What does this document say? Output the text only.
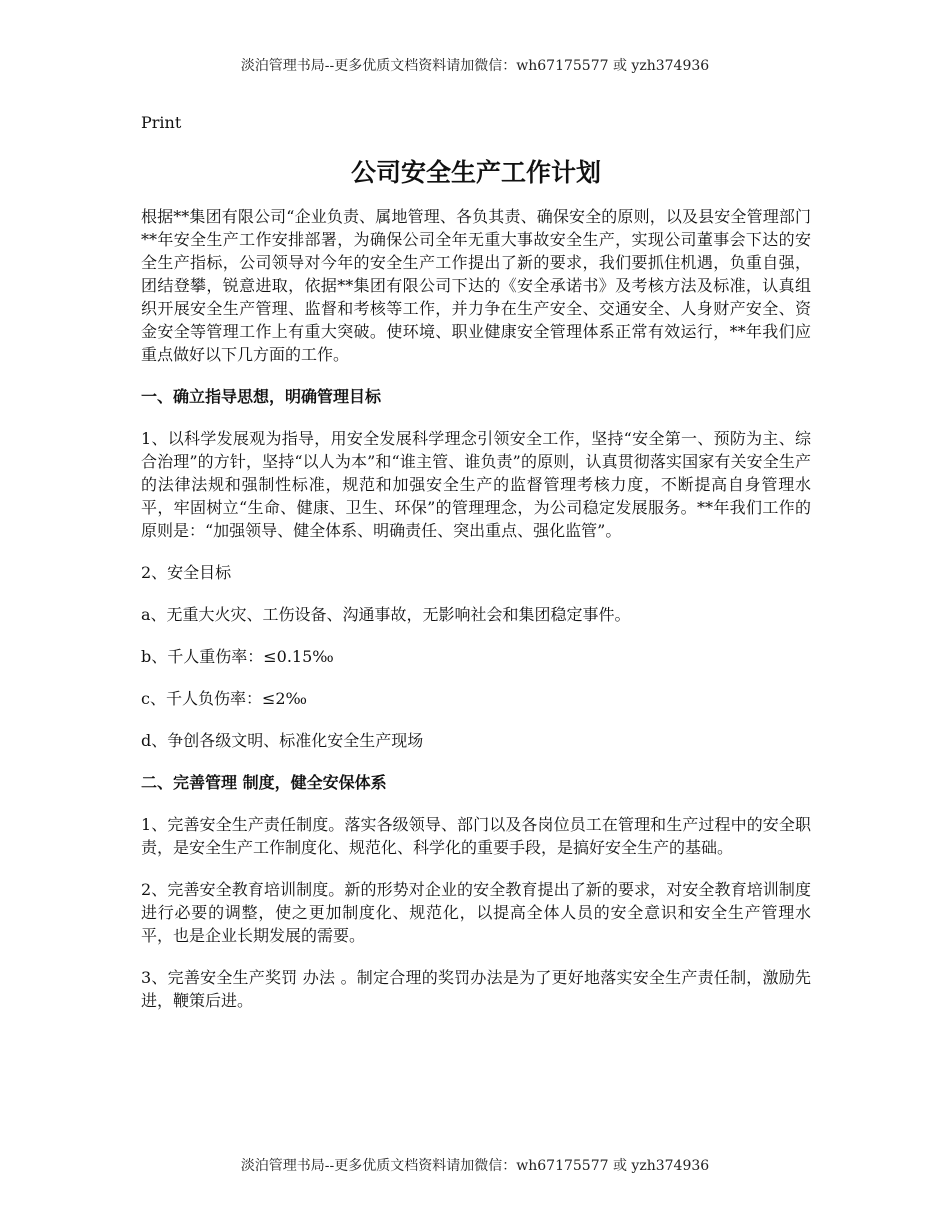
淡泊管理书局--更多优质文档资料请加微信：wh67175577 或 yzh374936
Print
公司安全生产工作计划
根据**集团有限公司“企业负责、属地管理、各负其责、确保安全的原则，以及县安全管理部门**年安全生产工作安排部署，为确保公司全年无重大事故安全生产，实现公司董事会下达的安全生产指标，公司领导对今年的安全生产工作提出了新的要求，我们要抓住机遇，负重自强，团结登攀，锐意进取，依据**集团有限公司下达的《安全承诺书》及考核方法及标准，认真组织开展安全生产管理、监督和考核等工作，并力争在生产安全、交通安全、人身财产安全、资金安全等管理工作上有重大突破。使环境、职业健康安全管理体系正常有效运行，**年我们应重点做好以下几方面的工作。
一、确立指导思想，明确管理目标
1、以科学发展观为指导，用安全发展科学理念引领安全工作，坚持“安全第一、预防为主、综合治理”的方针，坚持“以人为本”和“谁主管、谁负责”的原则，认真贯彻落实国家有关安全生产的法律法规和强制性标准，规范和加强安全生产的监督管理考核力度，不断提高自身管理水平，牢固树立“生命、健康、卫生、环保”的管理理念，为公司稳定发展服务。**年我们工作的原则是：“加强领导、健全体系、明确责任、突出重点、强化监管”。
2、安全目标
a、无重大火灾、工伤设备、沟通事故，无影响社会和集团稳定事件。
b、千人重伤率：≤0.15‰
c、千人负伤率：≤2‰
d、争创各级文明、标准化安全生产现场
二、完善管理 制度，健全安保体系
1、完善安全生产责任制度。落实各级领导、部门以及各岗位员工在管理和生产过程中的安全职责，是安全生产工作制度化、规范化、科学化的重要手段，是搞好安全生产的基础。
2、完善安全教育培训制度。新的形势对企业的安全教育提出了新的要求，对安全教育培训制度进行必要的调整，使之更加制度化、规范化，以提高全体人员的安全意识和安全生产管理水平，也是企业长期发展的需要。
3、完善安全生产奖罚 办法 。制定合理的奖罚办法是为了更好地落实安全生产责任制，激励先进，鞭策后进。
淡泊管理书局--更多优质文档资料请加微信：wh67175577 或 yzh374936
